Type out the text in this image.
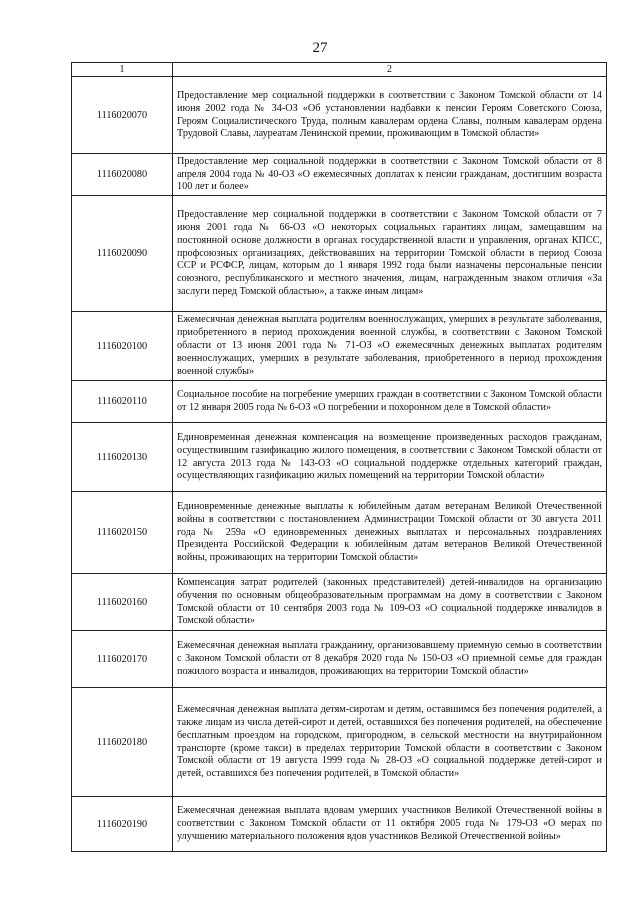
27
1	2
1116020070	Предоставление мер социальной поддержки в соответствии с Законом Томской области от 14 июня 2002 года № 34-ОЗ «Об установлении надбавки к пенсии Героям Советского Союза, Героям Социалистического Труда, полным кавалерам ордена Славы, полным кавалерам ордена Трудовой Славы, лауреатам Ленинской премии, проживающим в Томской области»
1116020080	Предоставление мер социальной поддержки в соответствии с Законом Томской области от 8 апреля 2004 года № 40-ОЗ «О ежемесячных доплатах к пенсии гражданам, достигшим возраста 100 лет и более»
1116020090	Предоставление мер социальной поддержки в соответствии с Законом Томской области от 7 июня 2001 года № 66-ОЗ «О некоторых социальных гарантиях лицам, замещавшим на постоянной основе должности в органах государственной власти и управления, органах КПСС, профсоюзных организациях, действовавших на территории Томской области в период Союза ССР и РСФСР, лицам, которым до 1 января 1992 года были назначены персональные пенсии союзного, республиканского и местного значения, лицам, награжденным знаком отличия «За заслуги перед Томской областью», а также иным лицам»
1116020100	Ежемесячная денежная выплата родителям военнослужащих, умерших в результате заболевания, приобретенного в период прохождения военной службы, в соответствии с Законом Томской области от 13 июня 2001 года № 71-ОЗ «О ежемесячных денежных выплатах родителям военнослужащих, умерших в результате заболевания, приобретенного в период прохождения военной службы»
1116020110	Социальное пособие на погребение умерших граждан в соответствии с Законом Томской области от 12 января 2005 года № 6-ОЗ «О погребении и похоронном деле в Томской области»
1116020130	Единовременная денежная компенсация на возмещение произведенных расходов гражданам, осуществившим газификацию жилого помещения, в соответствии с Законом Томской области от 12 августа 2013 года № 143-ОЗ «О социальной поддержке отдельных категорий граждан, осуществляющих газификацию жилых помещений на территории Томской области»
1116020150	Единовременные денежные выплаты к юбилейным датам ветеранам Великой Отечественной войны в соответствии с постановлением Администрации Томской области от 30 августа 2011 года № 259а «О единовременных денежных выплатах и персональных поздравлениях Президента Российской Федерации к юбилейным датам ветеранов Великой Отечественной войны, проживающих на территории Томской области»
1116020160	Компенсация затрат родителей (законных представителей) детей-инвалидов на организацию обучения по основным общеобразовательным программам на дому в соответствии с Законом Томской области от 10 сентября 2003 года № 109-ОЗ «О социальной поддержке инвалидов в Томской области»
1116020170	Ежемесячная денежная выплата гражданину, организовавшему приемную семью в соответствии с Законом Томской области от 8 декабря 2020 года № 150-ОЗ «О приемной семье для граждан пожилого возраста и инвалидов, проживающих на территории Томской области»
1116020180	Ежемесячная денежная выплата детям-сиротам и детям, оставшимся без попечения родителей, а также лицам из числа детей-сирот и детей, оставшихся без попечения родителей, на обеспечение бесплатным проездом на городском, пригородном, в сельской местности на внутрирайонном транспорте (кроме такси) в пределах территории Томской области в соответствии с Законом Томской области от 19 августа 1999 года № 28-ОЗ «О социальной поддержке детей-сирот и детей, оставшихся без попечения родителей, в Томской области»
1116020190	Ежемесячная денежная выплата вдовам умерших участников Великой Отечественной войны в соответствии с Законом Томской области от 11 октября 2005 года № 179-ОЗ «О мерах по улучшению материального положения вдов участников Великой Отечественной войны»
